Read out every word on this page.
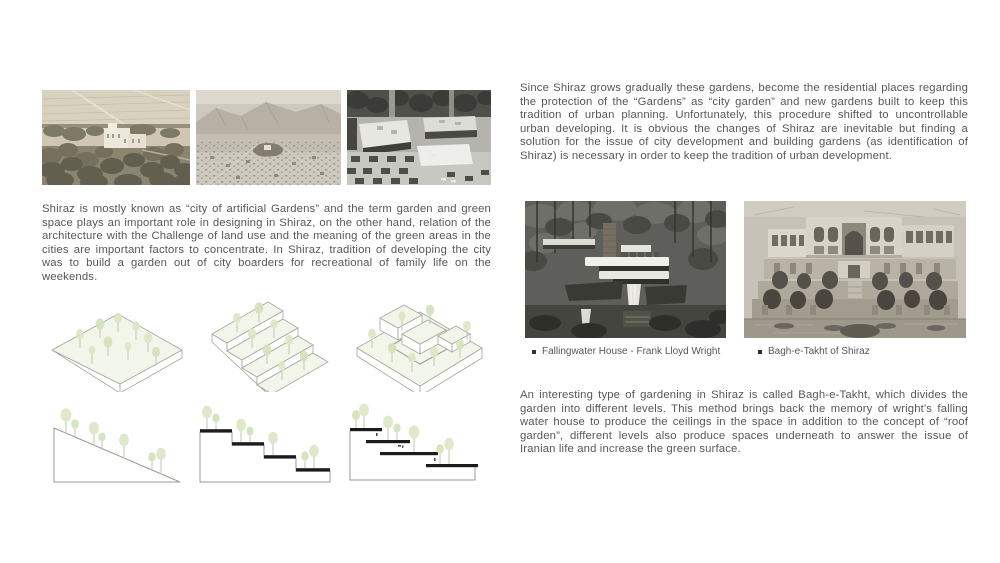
Shiraz is mostly known as “city of artificial Gardens” and the term garden and green space plays an important role in designing in Shiraz, on the other hand, relation of the architecture with the Challenge of land use and the meaning of the green areas in the cities are important factors to concentrate. In Shiraz, tradition of developing the city was to build a garden out of city boarders for recreational of family life on the weekends.

Since Shiraz grows gradually these gardens, become the residential places regarding the protection of the “Gardens” as “city garden” and new gardens built to keep this tradition of urban planning. Unfortunately, this procedure shifted to uncontrollable urban developing. It is obvious the changes of Shiraz are inevitable but finding a solution for the issue of city development and building gardens (as identification of Shiraz) is necessary in order to keep the tradition of urban development.

Fallingwater House - Frank Lloyd Wright	Bagh-e-Takht of Shiraz

An interesting type of gardening in Shiraz is called Bagh-e-Takht, which divides the garden into different levels. This method brings back the memory of wright's falling water house to produce the ceilings in the space in addition to the concept of “roof garden”, different levels also produce spaces underneath to answer the issue of Iranian life and increase the green surface.
